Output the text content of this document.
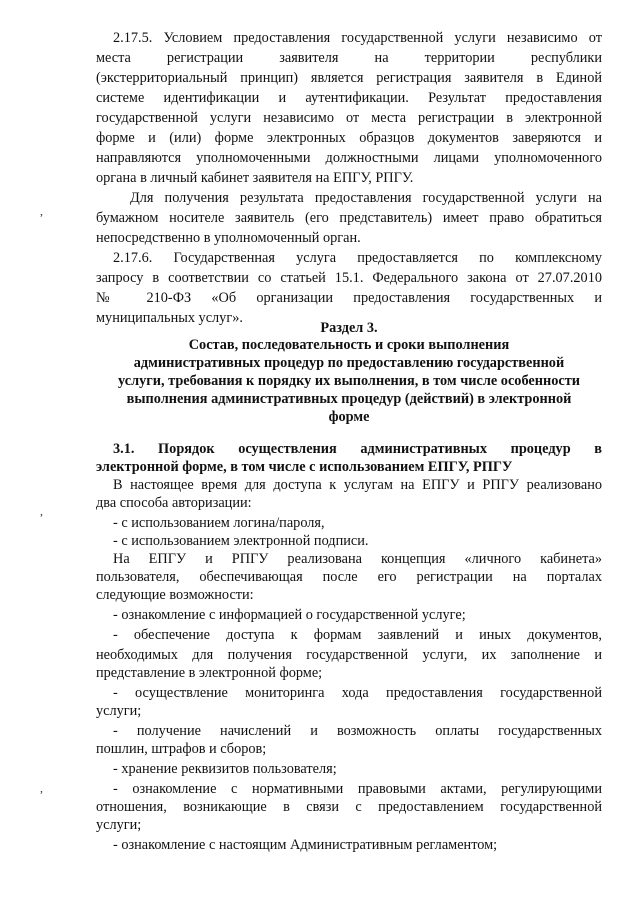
2.17.5. Условием предоставления государственной услуги независимо от
места регистрации заявителя на территории республики
(экстерриториальный принцип) является регистрация заявителя в Единой
системе идентификации и аутентификации. Результат предоставления
государственной услуги независимо от места регистрации в электронной
форме и (или) форме электронных образцов документов заверяются и
направляются уполномоченными должностными лицами уполномоченного
органа в личный кабинет заявителя на ЕПГУ, РПГУ.
Для получения результата предоставления государственной услуги на
бумажном носителе заявитель (его представитель) имеет право обратиться
непосредственно в уполномоченный орган.
2.17.6. Государственная услуга предоставляется по комплексному
запросу в соответствии со статьей 15.1. Федерального закона от 27.07.2010
№ 210-ФЗ «Об организации предоставления государственных и
муниципальных услуг».
Раздел 3.
Состав, последовательность и сроки выполнения
административных процедур по предоставлению государственной
услуги, требования к порядку их выполнения, в том числе особенности
выполнения административных процедур (действий) в электронной
форме
3.1. Порядок осуществления административных процедур в
электронной форме, в том числе с использованием ЕПГУ, РПГУ
В настоящее время для доступа к услугам на ЕПГУ и РПГУ реализовано
два способа авторизации:
- с использованием логина/пароля,
- с использованием электронной подписи.
На ЕПГУ и РПГУ реализована концепция «личного кабинета»
пользователя, обеспечивающая после его регистрации на порталах
следующие возможности:
- ознакомление с информацией о государственной услуге;
- обеспечение доступа к формам заявлений и иных документов,
необходимых для получения государственной услуги, их заполнение и
представление в электронной форме;
- осуществление мониторинга хода предоставления государственной
услуги;
- получение начислений и возможность оплаты государственных
пошлин, штрафов и сборов;
- хранение реквизитов пользователя;
- ознакомление с нормативными правовыми актами, регулирующими
отношения, возникающие в связи с предоставлением государственной
услуги;
- ознакомление с настоящим Административным регламентом;
,
,
,
